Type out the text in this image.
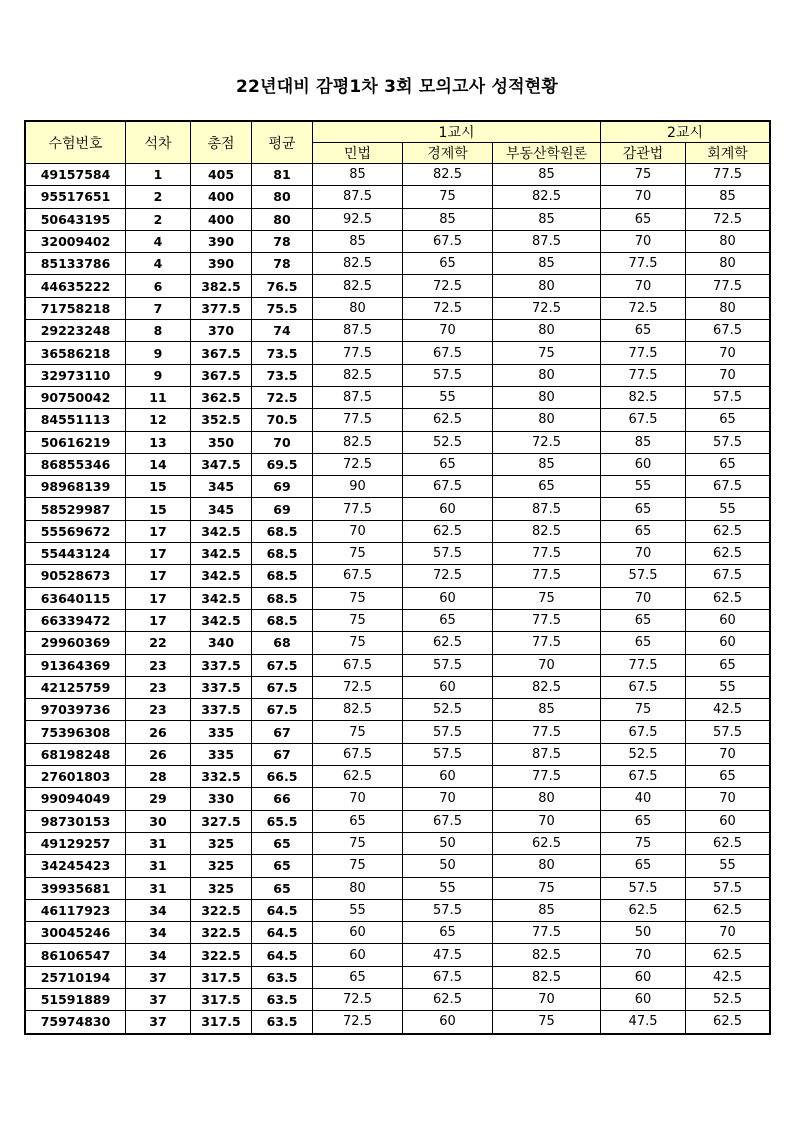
22년대비 감평1차 3회 모의고사 성적현황
수험번호	석차	총점	평균	1교시			2교시	
				민법	경제학	부동산학원론	감관법	회계학
49157584	1	405	81	85	82.5	85	75	77.5
95517651	2	400	80	87.5	75	82.5	70	85
50643195	2	400	80	92.5	85	85	65	72.5
32009402	4	390	78	85	67.5	87.5	70	80
85133786	4	390	78	82.5	65	85	77.5	80
44635222	6	382.5	76.5	82.5	72.5	80	70	77.5
71758218	7	377.5	75.5	80	72.5	72.5	72.5	80
29223248	8	370	74	87.5	70	80	65	67.5
36586218	9	367.5	73.5	77.5	67.5	75	77.5	70
32973110	9	367.5	73.5	82.5	57.5	80	77.5	70
90750042	11	362.5	72.5	87.5	55	80	82.5	57.5
84551113	12	352.5	70.5	77.5	62.5	80	67.5	65
50616219	13	350	70	82.5	52.5	72.5	85	57.5
86855346	14	347.5	69.5	72.5	65	85	60	65
98968139	15	345	69	90	67.5	65	55	67.5
58529987	15	345	69	77.5	60	87.5	65	55
55569672	17	342.5	68.5	70	62.5	82.5	65	62.5
55443124	17	342.5	68.5	75	57.5	77.5	70	62.5
90528673	17	342.5	68.5	67.5	72.5	77.5	57.5	67.5
63640115	17	342.5	68.5	75	60	75	70	62.5
66339472	17	342.5	68.5	75	65	77.5	65	60
29960369	22	340	68	75	62.5	77.5	65	60
91364369	23	337.5	67.5	67.5	57.5	70	77.5	65
42125759	23	337.5	67.5	72.5	60	82.5	67.5	55
97039736	23	337.5	67.5	82.5	52.5	85	75	42.5
75396308	26	335	67	75	57.5	77.5	67.5	57.5
68198248	26	335	67	67.5	57.5	87.5	52.5	70
27601803	28	332.5	66.5	62.5	60	77.5	67.5	65
99094049	29	330	66	70	70	80	40	70
98730153	30	327.5	65.5	65	67.5	70	65	60
49129257	31	325	65	75	50	62.5	75	62.5
34245423	31	325	65	75	50	80	65	55
39935681	31	325	65	80	55	75	57.5	57.5
46117923	34	322.5	64.5	55	57.5	85	62.5	62.5
30045246	34	322.5	64.5	60	65	77.5	50	70
86106547	34	322.5	64.5	60	47.5	82.5	70	62.5
25710194	37	317.5	63.5	65	67.5	82.5	60	42.5
51591889	37	317.5	63.5	72.5	62.5	70	60	52.5
75974830	37	317.5	63.5	72.5	60	75	47.5	62.5
